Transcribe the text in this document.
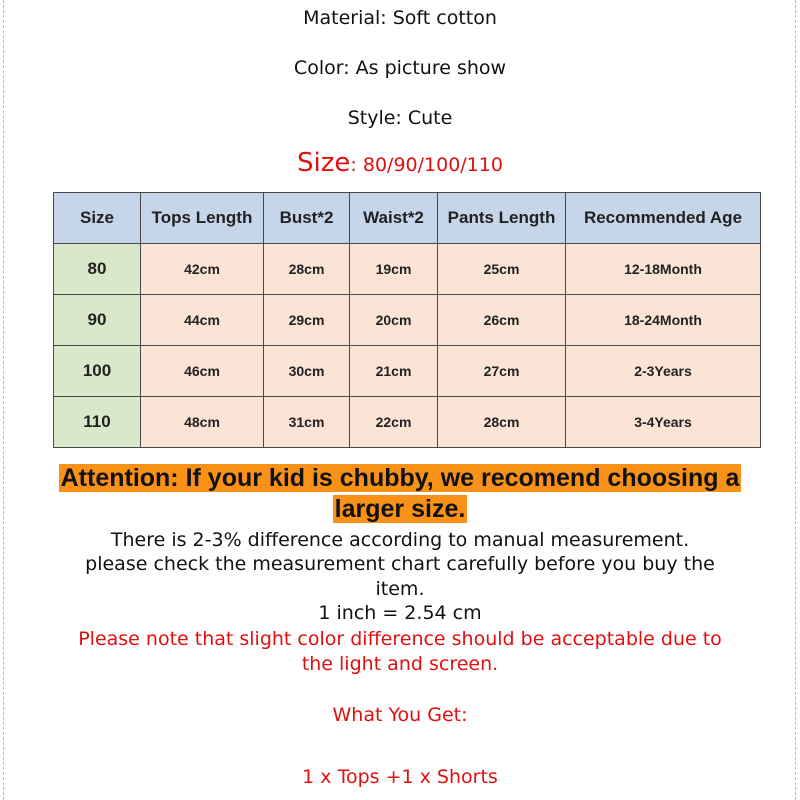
Material: Soft cotton
Color: As picture show
Style: Cute
Size: 80/90/100/110
Size	Tops Length	Bust*2	Waist*2	Pants Length	Recommended Age
80	42cm	28cm	19cm	25cm	12-18Month
90	44cm	29cm	20cm	26cm	18-24Month
100	46cm	30cm	21cm	27cm	2-3Years
110	48cm	31cm	22cm	28cm	3-4Years
Attention: If your kid is chubby, we recomend choosing a
larger size.
There is 2-3% difference according to manual measurement.
please check the measurement chart carefully before you buy the
item.
1 inch = 2.54 cm
Please note that slight color difference should be acceptable due to
the light and screen.
What You Get:
1 x Tops +1 x Shorts
